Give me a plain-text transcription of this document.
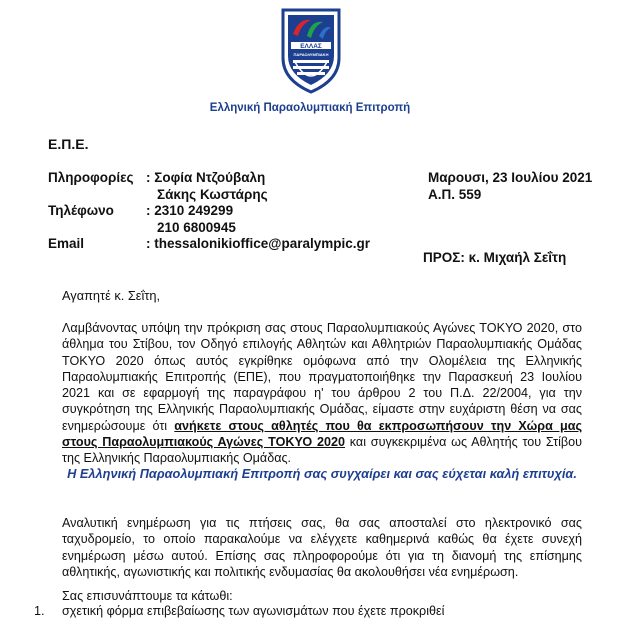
ΕΛΛΑΣ
ΠΑΡΑΟΛΥΜΠΙΑΚΗ
Ελληνική Παραολυμπιακή Επιτροπή
Ε.Π.Ε.
Πληροφορίες : Σοφία Ντζούβαλη
Σάκης Κωστάρης
Τηλέφωνο : 2310 249299
210 6800945
Email	: thessalonikioffice@paralympic.gr
Μαρουσι, 23 Ιουλίου 2021
Α.Π. 559
ΠΡΟΣ: κ. Μιχαήλ Σεΐτη
Αγαπητέ κ. Σεΐτη,
Λαμβάνοντας υπόψη την πρόκριση σας στους Παραολυμπιακούς Αγώνες ΤΟΚΥΟ 2020, στο άθλημα του Στίβου, τον Οδηγό επιλογής Αθλητών και Αθλητριών Παραολυμπιακής Ομάδας ΤΟΚΥΟ 2020 όπως αυτός εγκρίθηκε ομόφωνα από την Ολομέλεια της Ελληνικής Παραολυμπιακής Επιτροπής (ΕΠΕ), που πραγματοποιήθηκε την Παρασκευή 23 Ιουλίου 2021 και σε εφαρμογή της παραγράφου η' του άρθρου 2 του Π.Δ. 22/2004, για την συγκρότηση της Ελληνικής Παραολυμπιακής Ομάδας, είμαστε στην ευχάριστη θέση να σας ενημερώσουμε ότι ανήκετε στους αθλητές που θα εκπροσωπήσουν την Χώρα μας στους Παραολυμπιακούς Αγώνες ΤΟΚΥΟ 2020 και συγκεκριμένα ως Αθλητής του Στίβου της Ελληνικής Παραολυμπιακής Ομάδας.
Η Ελληνική Παραολυμπιακή Επιτροπή σας συγχαίρει και σας εύχεται καλή επιτυχία.
Αναλυτική ενημέρωση για τις πτήσεις σας, θα σας αποσταλεί στο ηλεκτρονικό σας ταχυδρομείο, το οποίο παρακαλούμε να ελέγχετε καθημερινά καθώς θα έχετε συνεχή ενημέρωση μέσω αυτού. Επίσης σας πληροφορούμε ότι για τη διανομή της επίσημης αθλητικής, αγωνιστικής και πολιτικής ενδυμασίας θα ακολουθήσει νέα ενημέρωση.
Σας επισυνάπτουμε τα κάτωθι:
1. σχετική φόρμα επιβεβαίωσης των αγωνισμάτων που έχετε προκριθεί
